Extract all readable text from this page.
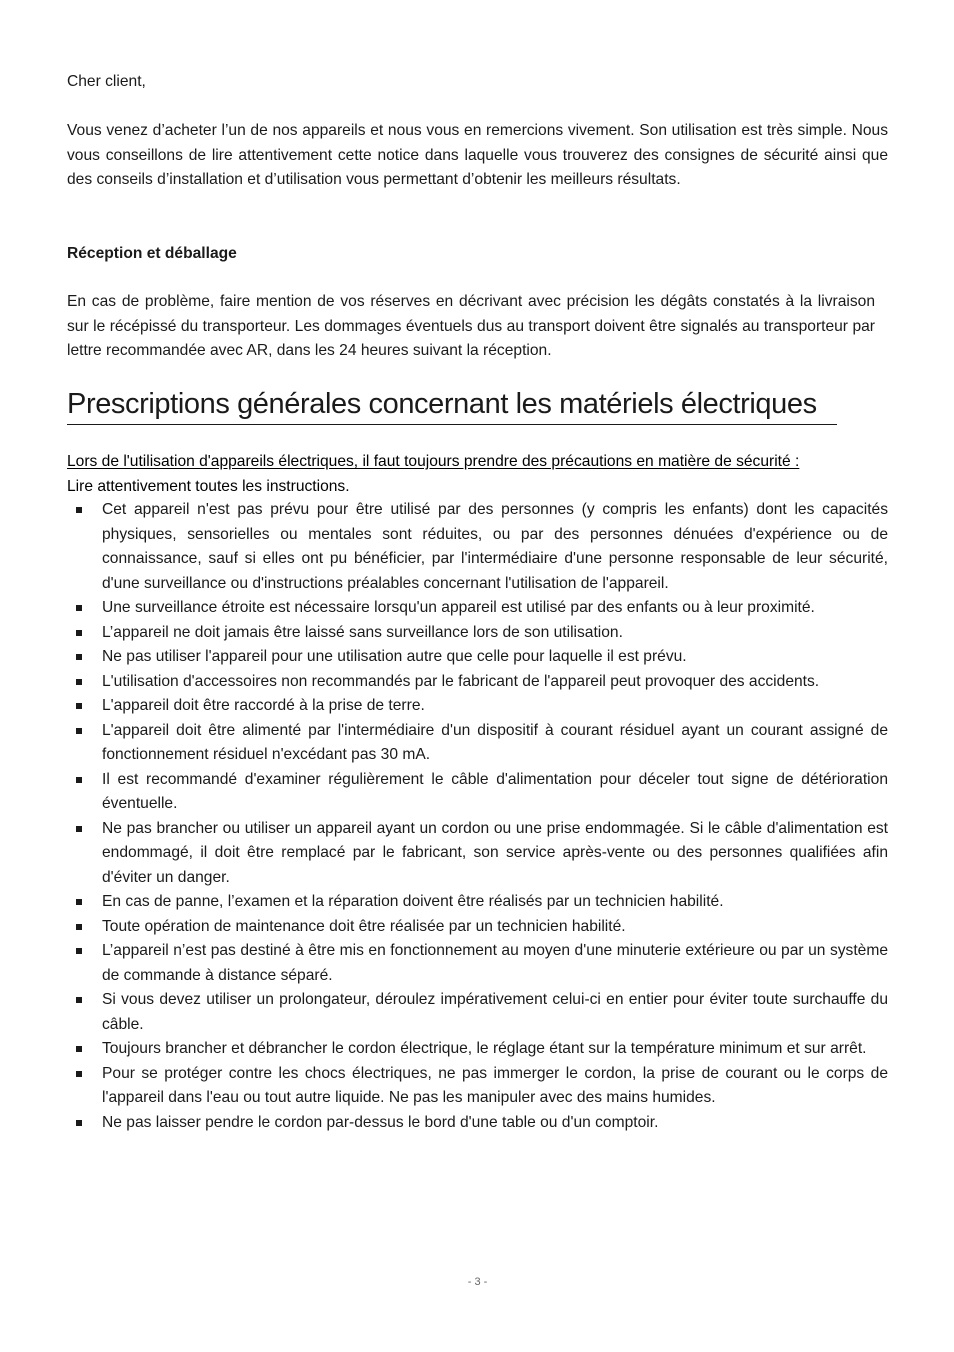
Cher client,

Vous venez d’acheter l’un de nos appareils et nous vous en remercions vivement. Son utilisation est très simple. Nous vous conseillons de lire attentivement cette notice dans laquelle vous trouverez des consignes de sécurité ainsi que des conseils d’installation et d’utilisation vous permettant d’obtenir les meilleurs résultats.

Réception et déballage

En cas de problème, faire mention de vos réserves en décrivant avec précision les dégâts constatés à la livraison sur le récépissé du transporteur. Les dommages éventuels dus au transport doivent être signalés au transporteur par lettre recommandée avec AR, dans les 24 heures suivant la réception.

Prescriptions générales concernant les matériels électriques
Lors de l'utilisation d'appareils électriques, il faut toujours prendre des précautions en matière de sécurité :
Lire attentivement toutes les instructions.
Cet appareil n'est pas prévu pour être utilisé par des personnes (y compris les enfants) dont les capacités physiques, sensorielles ou mentales sont réduites, ou par des personnes dénuées d'expérience ou de connaissance, sauf si elles ont pu bénéficier, par l'intermédiaire d'une personne responsable de leur sécurité, d'une surveillance ou d'instructions préalables concernant l'utilisation de l'appareil.
Une surveillance étroite est nécessaire lorsqu'un appareil est utilisé par des enfants ou à leur proximité.
L’appareil ne doit jamais être laissé sans surveillance lors de son utilisation.
Ne pas utiliser l'appareil pour une utilisation autre que celle pour laquelle il est prévu.
L'utilisation d'accessoires non recommandés par le fabricant de l'appareil peut provoquer des accidents.
L'appareil doit être raccordé à la prise de terre.
L'appareil doit être alimenté par l'intermédiaire d'un dispositif à courant résiduel ayant un courant assigné de fonctionnement résiduel n'excédant pas 30 mA.
Il est recommandé d'examiner régulièrement le câble d'alimentation pour déceler tout signe de détérioration éventuelle.
Ne pas brancher ou utiliser un appareil ayant un cordon ou une prise endommagée. Si le câble d'alimentation est endommagé, il doit être remplacé par le fabricant, son service après-vente ou des personnes qualifiées afin d'éviter un danger.
En cas de panne, l’examen et la réparation doivent être réalisés par un technicien habilité.
Toute opération de maintenance doit être réalisée par un technicien habilité.
L’appareil n’est pas destiné à être mis en fonctionnement au moyen d'une minuterie extérieure ou par un système de commande à distance séparé.
Si vous devez utiliser un prolongateur, déroulez impérativement celui-ci en entier pour éviter toute surchauffe du câble.
Toujours brancher et débrancher le cordon électrique, le réglage étant sur la température minimum et sur arrêt.
Pour se protéger contre les chocs électriques, ne pas immerger le cordon, la prise de courant ou le corps de l'appareil dans l'eau ou tout autre liquide. Ne pas les manipuler avec des mains humides.
Ne pas laisser pendre le cordon par-dessus le bord d'une table ou d'un comptoir.
- 3 -
